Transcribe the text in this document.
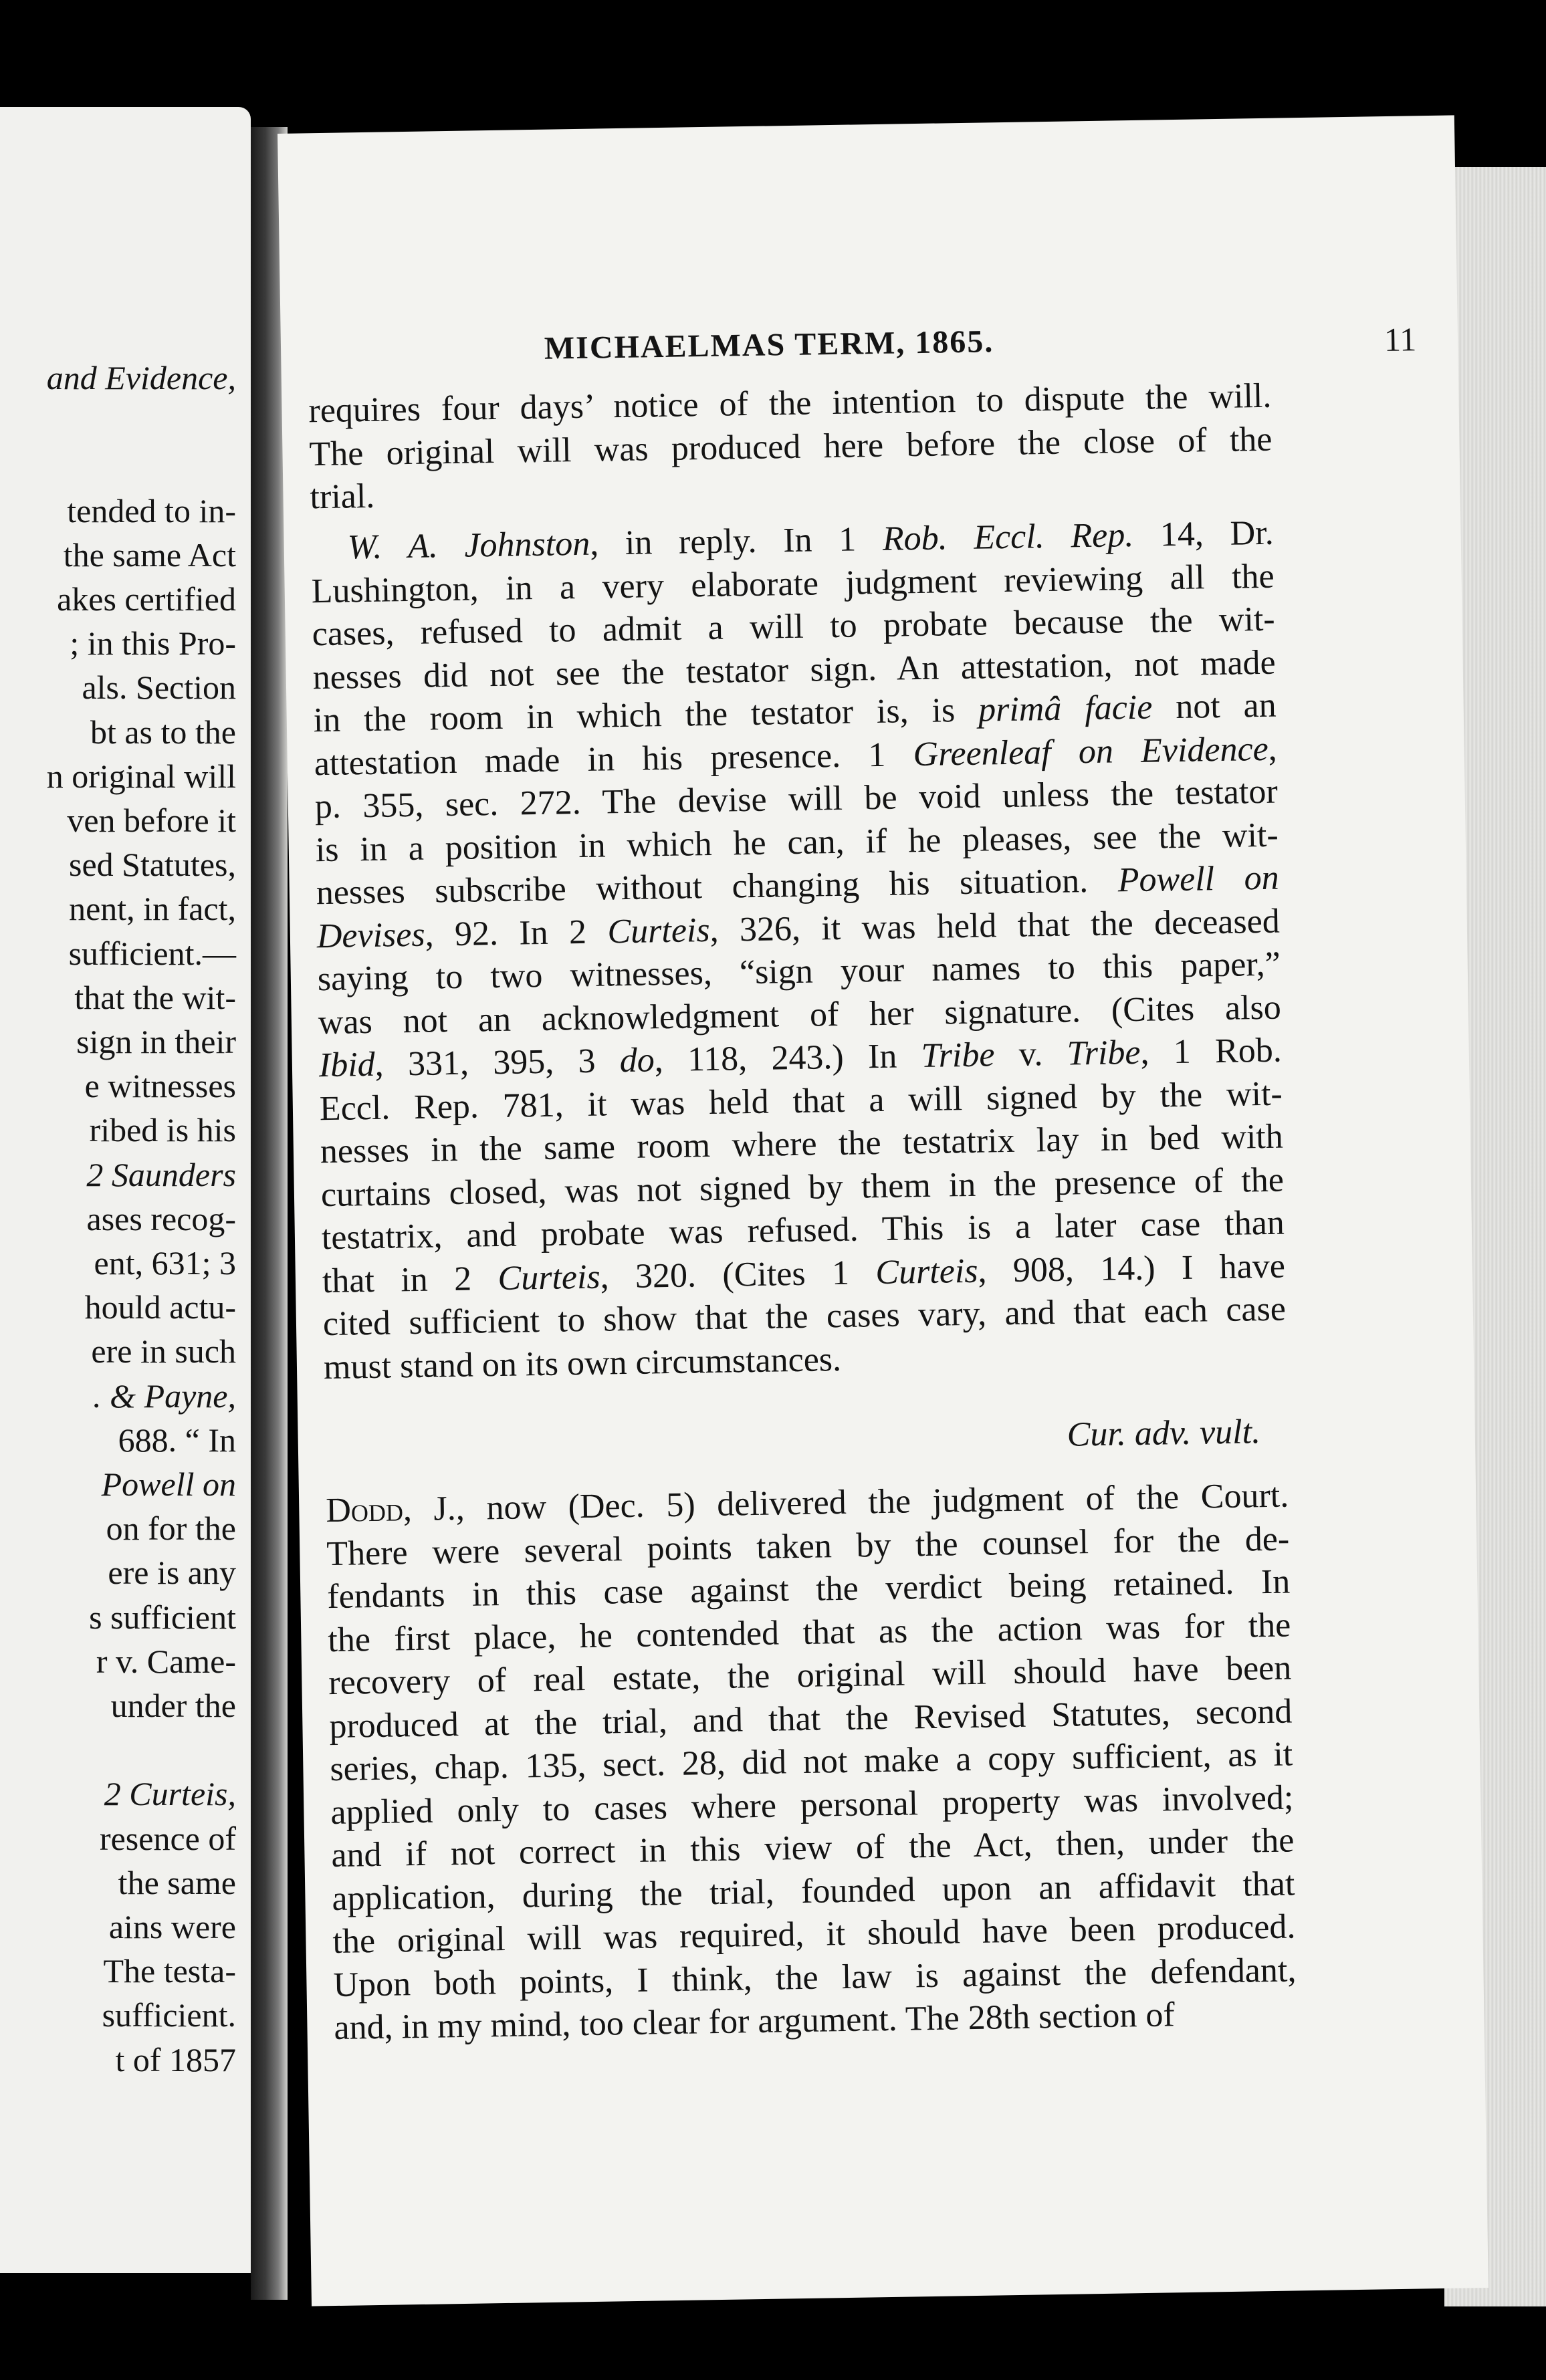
and Evidence,
tended to in-
the same Act
akes certified
; in this Pro-
als. Section
bt as to the
n original will
ven before it
sed Statutes,
nent, in fact,
sufficient.—
that the wit-
sign in their
e witnesses
ribed is his
2 Saunders
ases recog-
ent, 631; 3
hould actu-
ere in such
. & Payne,
688. “ In
Powell on
on for the
ere is any
s sufficient
r v. Came-
under the
2 Curteis,
resence of
the same
ains were
The testa-
sufficient.
t of 1857
MICHAELMAS TERM, 1865.	11
requires four days’ notice of the intention to dispute the will.
The original will was produced here before the close of the
trial.
W. A. Johnston, in reply. In 1 Rob. Eccl. Rep. 14, Dr.
Lushington, in a very elaborate judgment reviewing all the
cases, refused to admit a will to probate because the wit-
nesses did not see the testator sign. An attestation, not made
in the room in which the testator is, is primâ facie not an
attestation made in his presence. 1 Greenleaf on Evidence,
p. 355, sec. 272. The devise will be void unless the testator
is in a position in which he can, if he pleases, see the wit-
nesses subscribe without changing his situation. Powell on
Devises, 92. In 2 Curteis, 326, it was held that the deceased
saying to two witnesses, “sign your names to this paper,”
was not an acknowledgment of her signature. (Cites also
Ibid, 331, 395, 3 do, 118, 243.) In Tribe v. Tribe, 1 Rob.
Eccl. Rep. 781, it was held that a will signed by the wit-
nesses in the same room where the testatrix lay in bed with
curtains closed, was not signed by them in the presence of the
testatrix, and probate was refused. This is a later case than
that in 2 Curteis, 320. (Cites 1 Curteis, 908, 14.) I have
cited sufficient to show that the cases vary, and that each case
must stand on its own circumstances.
Cur. adv. vult.
Dodd, J., now (Dec. 5) delivered the judgment of the Court.
There were several points taken by the counsel for the de-
fendants in this case against the verdict being retained. In
the first place, he contended that as the action was for the
recovery of real estate, the original will should have been
produced at the trial, and that the Revised Statutes, second
series, chap. 135, sect. 28, did not make a copy sufficient, as it
applied only to cases where personal property was involved;
and if not correct in this view of the Act, then, under the
application, during the trial, founded upon an affidavit that
the original will was required, it should have been produced.
Upon both points, I think, the law is against the defendant,
and, in my mind, too clear for argument. The 28th section of
